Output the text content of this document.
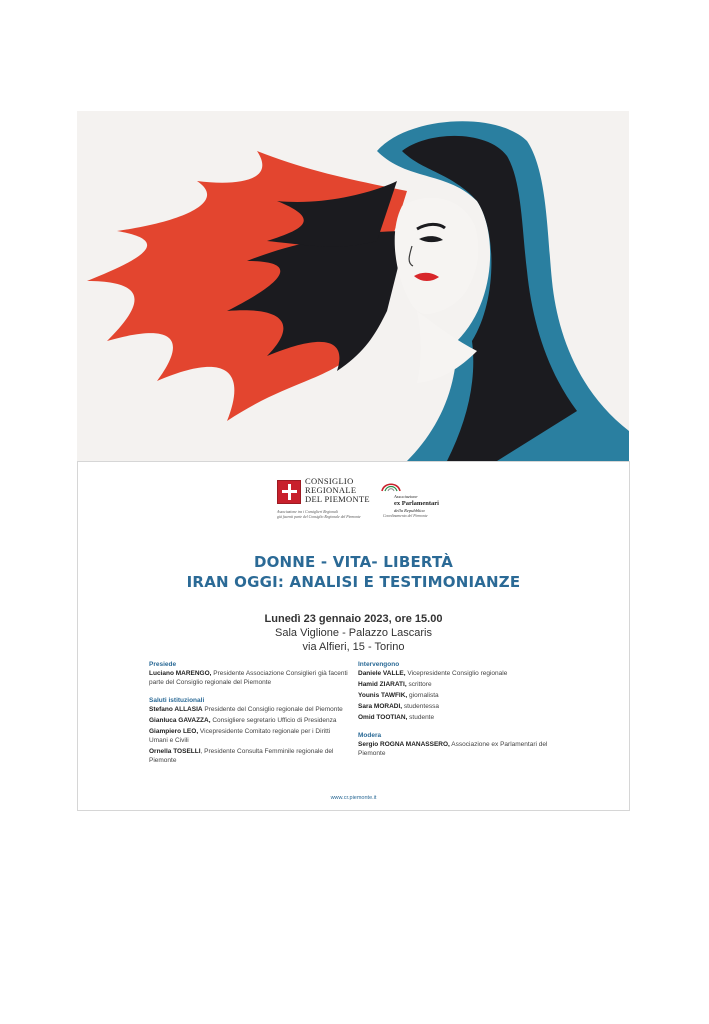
CONSIGLIO
REGIONALE
DEL PIEMONTE
Associazione tra i Consiglieri Regionali
già facenti parte del Consiglio Regionale del Piemonte
Associazione
ex Parlamentari
della Repubblica
Coordinamento del Piemonte
DONNE - VITA- LIBERTÀ
IRAN OGGI: ANALISI E TESTIMONIANZE
Lunedì 23 gennaio 2023, ore 15.00
Sala Viglione - Palazzo Lascaris
via Alfieri, 15 - Torino
Presiede
Luciano MARENGO, Presidente Associazione Consiglieri già facenti parte del Consiglio regionale del Piemonte
Saluti istituzionali
Stefano ALLASIA Presidente del Consiglio regionale del Piemonte
Gianluca GAVAZZA, Consigliere segretario Ufficio di Presidenza
Giampiero LEO, Vicepresidente Comitato regionale per i Diritti Umani e Civili
Ornella TOSELLI, Presidente Consulta Femminile regionale del Piemonte
Intervengono
Daniele VALLE, Vicepresidente Consiglio regionale
Hamid ZIARATI, scrittore
Younis TAWFIK, giornalista
Sara MORADI, studentessa
Omid TOOTIAN, studente
Modera
Sergio ROGNA MANASSERO, Associazione ex Parlamentari del Piemonte
www.cr.piemonte.it
